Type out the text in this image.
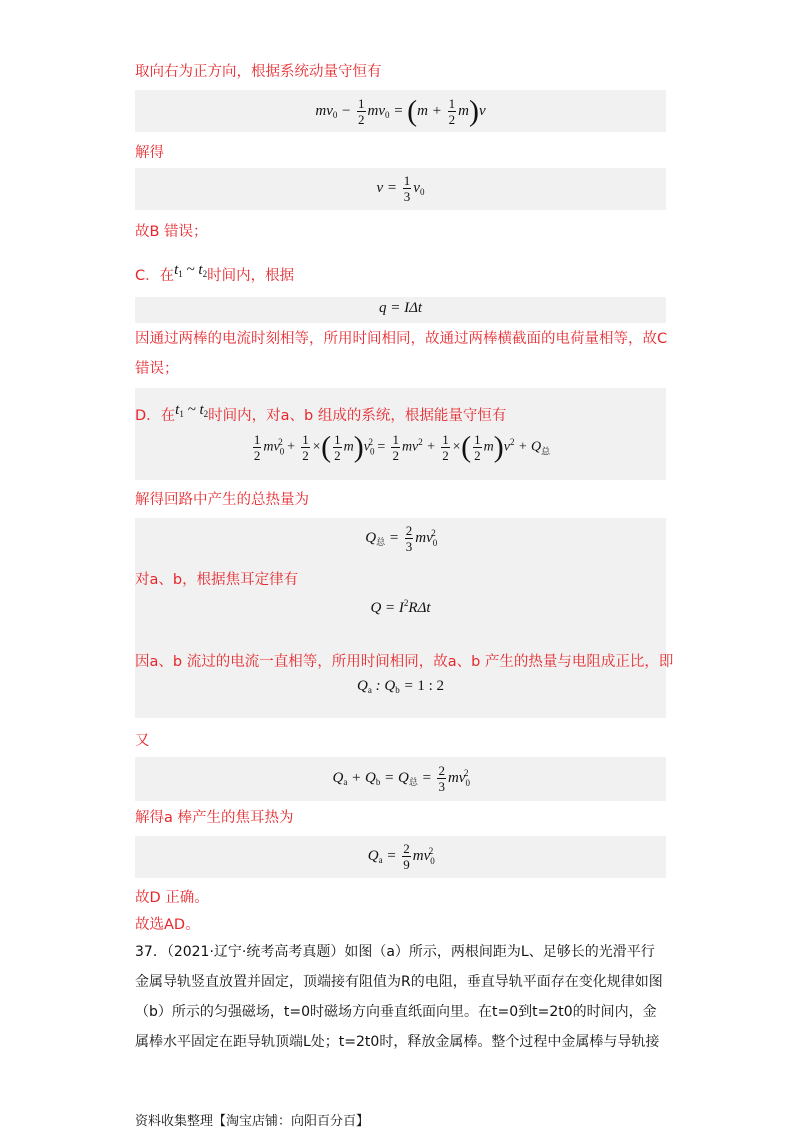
取向右为正方向，根据系统动量守恒有
$mv_0 - \frac{1}{2} mv_0 = (m + \frac{1}{2} m)v$
解得
$v = \frac{1}{3} v_0$
故B 错误；
C．在$t_1$ ~ $t_2$时间内，根据
q = IΔt
因通过两棒的电流时刻相等，所用时间相同，故通过两棒横截面的电荷量相等，故C
错误；
$\frac{1}{2} mv_0^2 + \frac{1}{2}$ ×( $\frac{1}{2} m)v_0^2 = \frac{1}{2} mv^2 + \frac{1}{2}$ ×( $\frac{1}{2} m)v^2 + Q_总$
D．在$t_1$ ~ $t_2$时间内，对a、b 组成的系统，根据能量守恒有
解得回路中产生的总热量为
$Q_总 = \frac{2}{3} mv_0^2$
$Q = I^2R\Delta t$
$Q_a$ : $Q_b = 1$ : 2
对a、b，根据焦耳定律有
因a、b 流过的电流一直相等，所用时间相同，故a、b 产生的热量与电阻成正比，即
又
$Q_a + Q_b = Q_总 = \frac{2}{3} mv_0^2$
解得a 棒产生的焦耳热为
$Q_a = \frac{2}{9} mv_0^2$
故D 正确。
故选AD。
37．（2021·辽宁·统考高考真题）如图（a）所示，两根间距为L、足够长的光滑平行金属导轨竖直放置并固定，顶端接有阻值为R的电阻，垂直导轨平面存在变化规律如图（b）所示的匀强磁场，t=0时磁场方向垂直纸面向里。在t=0到t=2t0的时间内，金属棒水平固定在距导轨顶端L处；t=2t0时，释放金属棒。整个过程中金属棒与导轨接
资料收集整理【淘宝店铺：向阳百分百】
